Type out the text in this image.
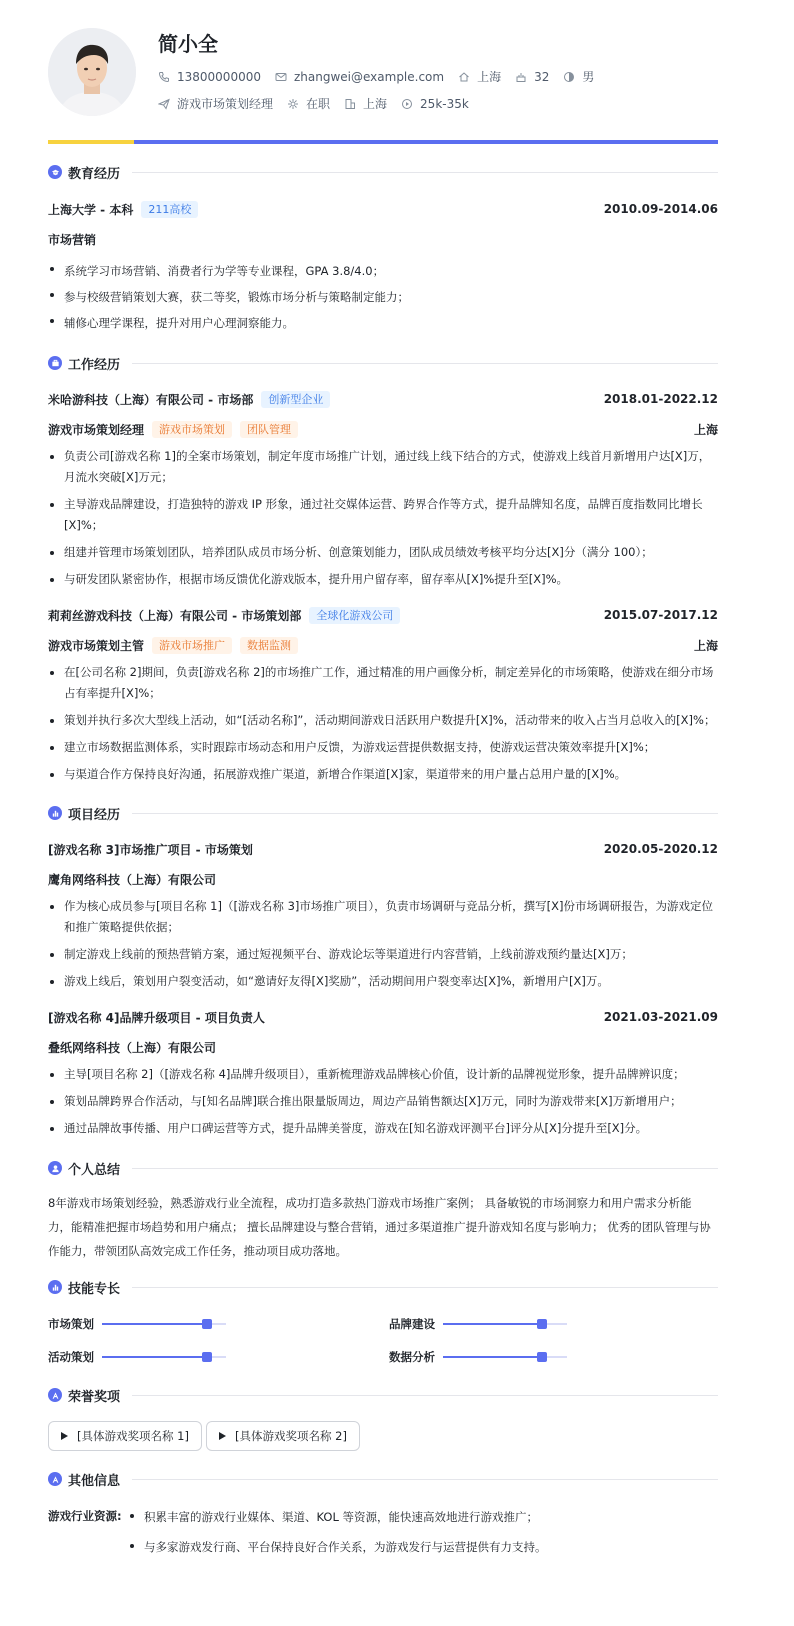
简小全
13800000000	zhangwei@example.com	上海	32	男
游戏市场策划经理	在职	上海	25k-35k
教育经历
上海大学 - 本科	211高校	2010.09-2014.06
市场营销
系统学习市场营销、消费者行为学等专业课程，GPA 3.8/4.0；
参与校级营销策划大赛，获二等奖，锻炼市场分析与策略制定能力；
辅修心理学课程，提升对用户心理洞察能力。
工作经历
米哈游科技（上海）有限公司 - 市场部	创新型企业	2018.01-2022.12
游戏市场策划经理	游戏市场策划	团队管理	上海
负责公司[游戏名称 1]的全案市场策划，制定年度市场推广计划，通过线上线下结合的方式，使游戏上线首月新增用户达[X]万，
月流水突破[X]万元；
主导游戏品牌建设，打造独特的游戏 IP 形象，通过社交媒体运营、跨界合作等方式，提升品牌知名度，品牌百度指数同比增长
[X]%；
组建并管理市场策划团队，培养团队成员市场分析、创意策划能力，团队成员绩效考核平均分达[X]分（满分 100）；
与研发团队紧密协作，根据市场反馈优化游戏版本，提升用户留存率，留存率从[X]%提升至[X]%。
莉莉丝游戏科技（上海）有限公司 - 市场策划部	全球化游戏公司	2015.07-2017.12
游戏市场策划主管	游戏市场推广	数据监测	上海
在[公司名称 2]期间，负责[游戏名称 2]的市场推广工作，通过精准的用户画像分析，制定差异化的市场策略，使游戏在细分市场
占有率提升[X]%；
策划并执行多次大型线上活动，如“[活动名称]”，活动期间游戏日活跃用户数提升[X]%，活动带来的收入占当月总收入的[X]%；
建立市场数据监测体系，实时跟踪市场动态和用户反馈，为游戏运营提供数据支持，使游戏运营决策效率提升[X]%；
与渠道合作方保持良好沟通，拓展游戏推广渠道，新增合作渠道[X]家，渠道带来的用户量占总用户量的[X]%。
项目经历
[游戏名称 3]市场推广项目 - 市场策划	2020.05-2020.12
鹰角网络科技（上海）有限公司
作为核心成员参与[项目名称 1]（[游戏名称 3]市场推广项目），负责市场调研与竞品分析，撰写[X]份市场调研报告，为游戏定位
和推广策略提供依据；
制定游戏上线前的预热营销方案，通过短视频平台、游戏论坛等渠道进行内容营销，上线前游戏预约量达[X]万；
游戏上线后，策划用户裂变活动，如“邀请好友得[X]奖励”，活动期间用户裂变率达[X]%，新增用户[X]万。
[游戏名称 4]品牌升级项目 - 项目负责人	2021.03-2021.09
叠纸网络科技（上海）有限公司
主导[项目名称 2]（[游戏名称 4]品牌升级项目），重新梳理游戏品牌核心价值，设计新的品牌视觉形象，提升品牌辨识度；
策划品牌跨界合作活动，与[知名品牌]联合推出限量版周边，周边产品销售额达[X]万元，同时为游戏带来[X]万新增用户；
通过品牌故事传播、用户口碑运营等方式，提升品牌美誉度，游戏在[知名游戏评测平台]评分从[X]分提升至[X]分。
个人总结
8年游戏市场策划经验，熟悉游戏行业全流程，成功打造多款热门游戏市场推广案例； 具备敏锐的市场洞察力和用户需求分析能
力，能精准把握市场趋势和用户痛点； 擅长品牌建设与整合营销，通过多渠道推广提升游戏知名度与影响力； 优秀的团队管理与协
作能力，带领团队高效完成工作任务，推动项目成功落地。
技能专长
市场策划	品牌建设
活动策划	数据分析
荣誉奖项
[具体游戏奖项名称 1]	[具体游戏奖项名称 2]
其他信息
游戏行业资源:	积累丰富的游戏行业媒体、渠道、KOL 等资源，能快速高效地进行游戏推广；
与多家游戏发行商、平台保持良好合作关系，为游戏发行与运营提供有力支持。
